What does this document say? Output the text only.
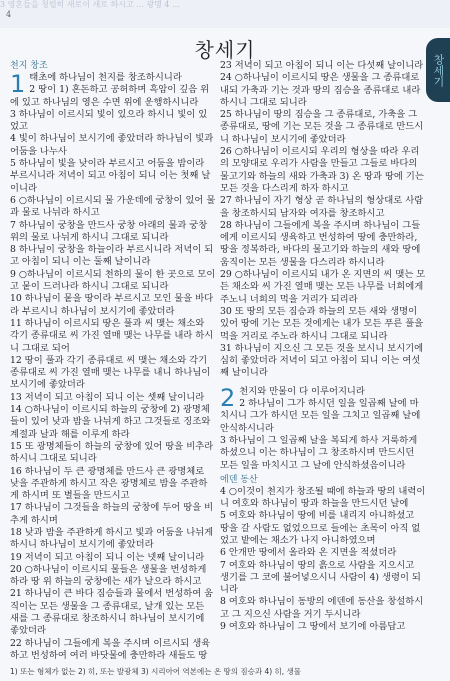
3 영혼들을 청렬히 새로이 새로 하시고 ... 광명 4 ...
4
창세기
창세기
천지 창조
1 태초에 하나님이 천지를 창조하시니라

2 땅이 1) 혼돈하고 공허하며 흑암이 깊음 위에 있고 하나님의 영은 수면 위에 운행하시니라

3 하나님이 이르시되 빛이 있으라 하시니 빛이 있었고

4 빛이 하나님이 보시기에 좋았더라 하나님이 빛과 어둠을 나누사

5 하나님이 빛을 낮이라 부르시고 어둠을 밤이라 부르시니라 저녁이 되고 아침이 되니 이는 첫째 날이니라

6 ○하나님이 이르시되 물 가운데에 궁창이 있어 물과 물로 나뉘라 하시고

7 하나님이 궁창을 만드사 궁창 아래의 물과 궁창 위의 물로 나뉘게 하시니 그대로 되니라

8 하나님이 궁창을 하늘이라 부르시니라 저녁이 되고 아침이 되니 이는 둘째 날이니라

9 ○하나님이 이르시되 천하의 물이 한 곳으로 모이고 뭍이 드러나라 하시니 그대로 되니라

10 하나님이 뭍을 땅이라 부르시고 모인 물을 바다라 부르시니 하나님이 보시기에 좋았더라

11 하나님이 이르시되 땅은 풀과 씨 맺는 채소와 각기 종류대로 씨 가진 열매 맺는 나무를 내라 하시니 그대로 되어

12 땅이 풀과 각기 종류대로 씨 맺는 채소와 각기 종류대로 씨 가진 열매 맺는 나무를 내니 하나님이 보시기에 좋았더라

13 저녁이 되고 아침이 되니 이는 셋째 날이니라

14 ○하나님이 이르시되 하늘의 궁창에 2) 광명체들이 있어 낮과 밤을 나뉘게 하고 그것들로 징조와 계절과 날과 해를 이루게 하라

15 또 광명체들이 하늘의 궁창에 있어 땅을 비추라 하시니 그대로 되니라

16 하나님이 두 큰 광명체를 만드사 큰 광명체로 낮을 주관하게 하시고 작은 광명체로 밤을 주관하게 하시며 또 별들을 만드시고

17 하나님이 그것들을 하늘의 궁창에 두어 땅을 비추게 하시며

18 낮과 밤을 주관하게 하시고 빛과 어둠을 나뉘게 하시니 하나님이 보시기에 좋았더라

19 저녁이 되고 아침이 되니 이는 넷째 날이니라

20 ○하나님이 이르시되 물들은 생물을 번성하게 하라 땅 위 하늘의 궁창에는 새가 날으라 하시고

21 하나님이 큰 바다 짐승들과 물에서 번성하여 움직이는 모든 생물을 그 종류대로, 날개 있는 모든 새를 그 종류대로 창조하시니 하나님이 보시기에 좋았더라

22 하나님이 그들에게 복을 주시며 이르시되 생육하고 번성하여 여러 바닷물에 충만하라 새들도 땅

23 저녁이 되고 아침이 되니 이는 다섯째 날이니라

24 ○하나님이 이르시되 땅은 생물을 그 종류대로 내되 가축과 기는 것과 땅의 짐승을 종류대로 내라 하시니 그대로 되니라

25 하나님이 땅의 짐승을 그 종류대로, 가축을 그 종류대로, 땅에 기는 모든 것을 그 종류대로 만드시니 하나님이 보시기에 좋았더라

26 ○하나님이 이르시되 우리의 형상을 따라 우리의 모양대로 우리가 사람을 만들고 그들로 바다의 물고기와 하늘의 새와 가축과 3) 온 땅과 땅에 기는 모든 것을 다스리게 하자 하시고

27 하나님이 자기 형상 곧 하나님의 형상대로 사람을 창조하시되 남자와 여자를 창조하시고

28 하나님이 그들에게 복을 주시며 하나님이 그들에게 이르시되 생육하고 번성하여 땅에 충만하라, 땅을 정복하라, 바다의 물고기와 하늘의 새와 땅에 움직이는 모든 생물을 다스리라 하시니라

29 ○하나님이 이르시되 내가 온 지면의 씨 맺는 모든 채소와 씨 가진 열매 맺는 모든 나무를 너희에게 주노니 너희의 먹을 거리가 되리라

30 또 땅의 모든 짐승과 하늘의 모든 새와 생명이 있어 땅에 기는 모든 것에게는 내가 모든 푸른 풀을 먹을 거리로 주노라 하시니 그대로 되니라

31 하나님이 지으신 그 모든 것을 보시니 보시기에 심히 좋았더라 저녁이 되고 아침이 되니 이는 여섯째 날이니라

2 천지와 만물이 다 이루어지니라

2 하나님이 그가 하시던 일을 일곱째 날에 마치시니 그가 하시던 모든 일을 그치고 일곱째 날에 안식하시니라

3 하나님이 그 일곱째 날을 복되게 하사 거룩하게 하셨으니 이는 하나님이 그 창조하시며 만드시던 모든 일을 마치시고 그 날에 안식하셨음이니라

에덴 동산

4 ○이것이 천지가 창조될 때에 하늘과 땅의 내력이니 여호와 하나님이 땅과 하늘을 만드시던 날에

5 여호와 하나님이 땅에 비를 내리지 아니하셨고 땅을 갈 사람도 없었으므로 들에는 초목이 아직 없었고 밭에는 채소가 나지 아니하였으며

6 안개만 땅에서 올라와 온 지면을 적셨더라

7 여호와 하나님이 땅의 흙으로 사람을 지으시고 생기를 그 코에 불어넣으시니 사람이 4) 생령이 되니라

8 여호와 하나님이 동방의 에덴에 동산을 창설하시고 그 지으신 사람을 거기 두시니라

9 여호와 하나님이 그 땅에서 보기에 아름답고

1) 또는 형체가 없는 2) 히, 또는 발광체 3) 시리아어 역본에는 온 땅의 짐승과 4) 히, 생물
